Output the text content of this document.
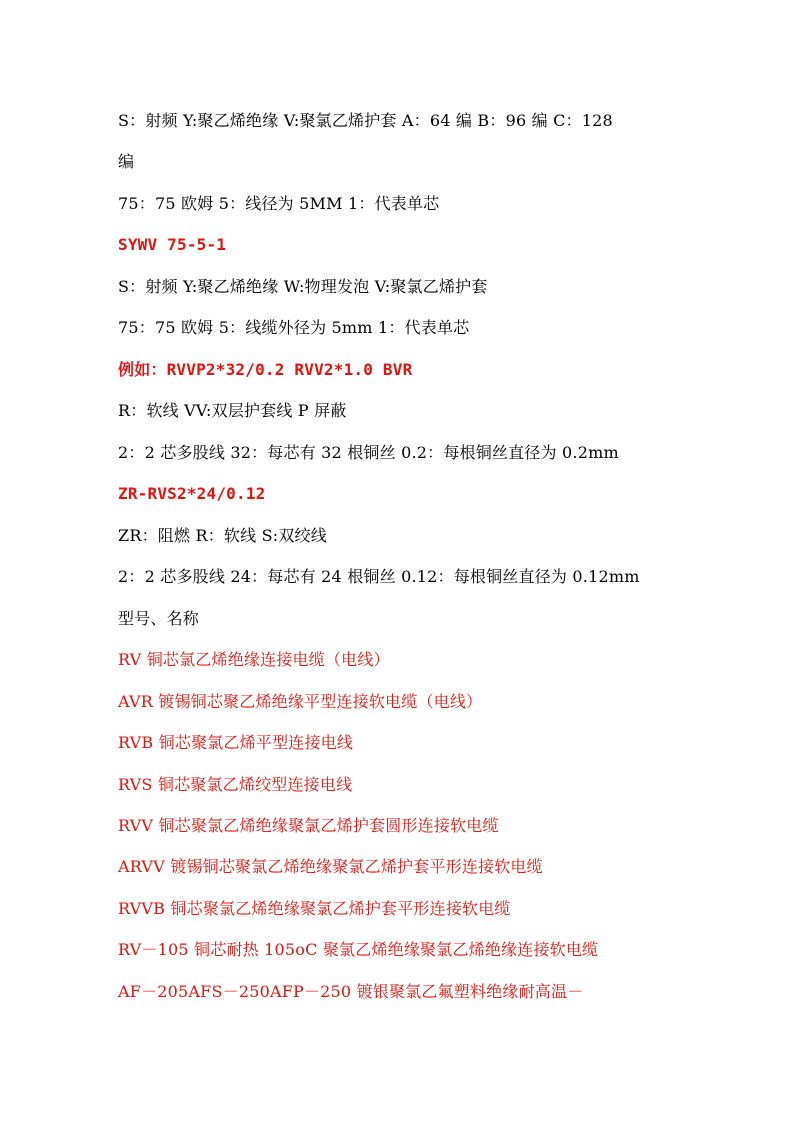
S：射频 Y:聚乙烯绝缘 V:聚氯乙烯护套 A：64 编 B：96 编 C：128
编
75：75 欧姆 5：线径为 5MM 1：代表单芯
SYWV 75-5-1
S：射频 Y:聚乙烯绝缘 W:物理发泡 V:聚氯乙烯护套
75：75 欧姆 5：线缆外径为 5mm 1：代表单芯
例如：RVVP2*32/0.2 RVV2*1.0 BVR
R：软线 VV:双层护套线 P 屏蔽
2：2 芯多股线 32：每芯有 32 根铜丝 0.2：每根铜丝直径为 0.2mm
ZR-RVS2*24/0.12
ZR：阻燃 R：软线 S:双绞线
2：2 芯多股线 24：每芯有 24 根铜丝 0.12：每根铜丝直径为 0.12mm
型号、名称
RV 铜芯氯乙烯绝缘连接电缆（电线）
AVR 镀锡铜芯聚乙烯绝缘平型连接软电缆（电线）
RVB 铜芯聚氯乙烯平型连接电线
RVS 铜芯聚氯乙烯绞型连接电线
RVV 铜芯聚氯乙烯绝缘聚氯乙烯护套圆形连接软电缆
ARVV 镀锡铜芯聚氯乙烯绝缘聚氯乙烯护套平形连接软电缆
RVVB 铜芯聚氯乙烯绝缘聚氯乙烯护套平形连接软电缆
RV－105 铜芯耐热 105oC 聚氯乙烯绝缘聚氯乙烯绝缘连接软电缆
AF－205AFS－250AFP－250 镀银聚氯乙氟塑料绝缘耐高温－
